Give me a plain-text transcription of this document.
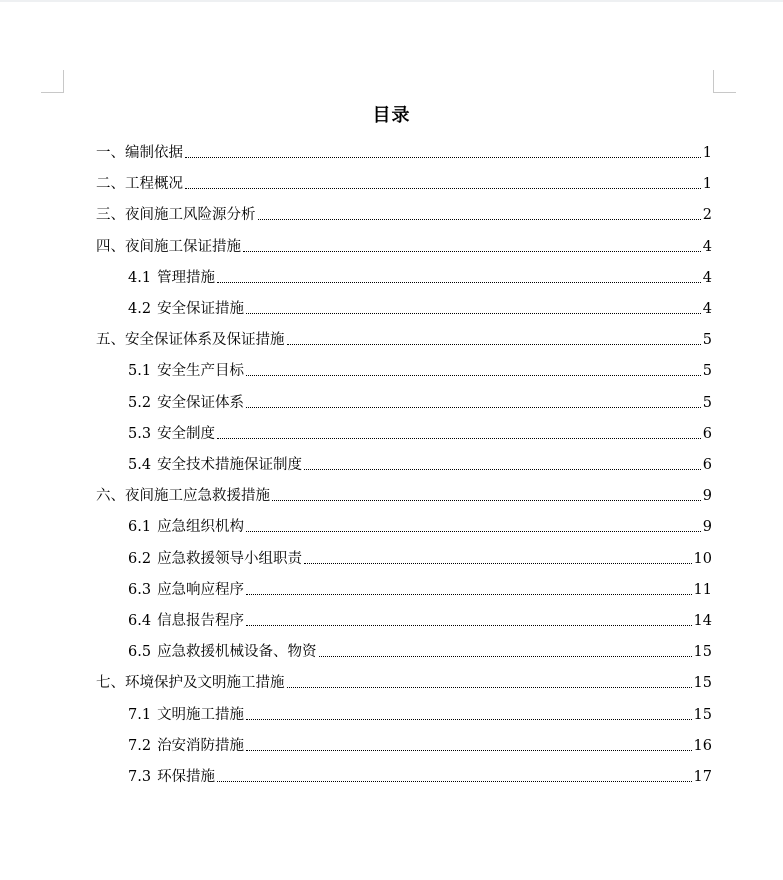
目录
一、编制依据	1
二、工程概况	1
三、夜间施工风险源分析	2
四、夜间施工保证措施	4
4.1 管理措施	4
4.2 安全保证措施	4
五、安全保证体系及保证措施	5
5.1 安全生产目标	5
5.2 安全保证体系	5
5.3 安全制度	6
5.4 安全技术措施保证制度	6
六、夜间施工应急救援措施	9
6.1 应急组织机构	9
6.2 应急救援领导小组职责	10
6.3 应急响应程序	11
6.4 信息报告程序	14
6.5 应急救援机械设备、物资	15
七、环境保护及文明施工措施	15
7.1 文明施工措施	15
7.2 治安消防措施	16
7.3 环保措施	17
